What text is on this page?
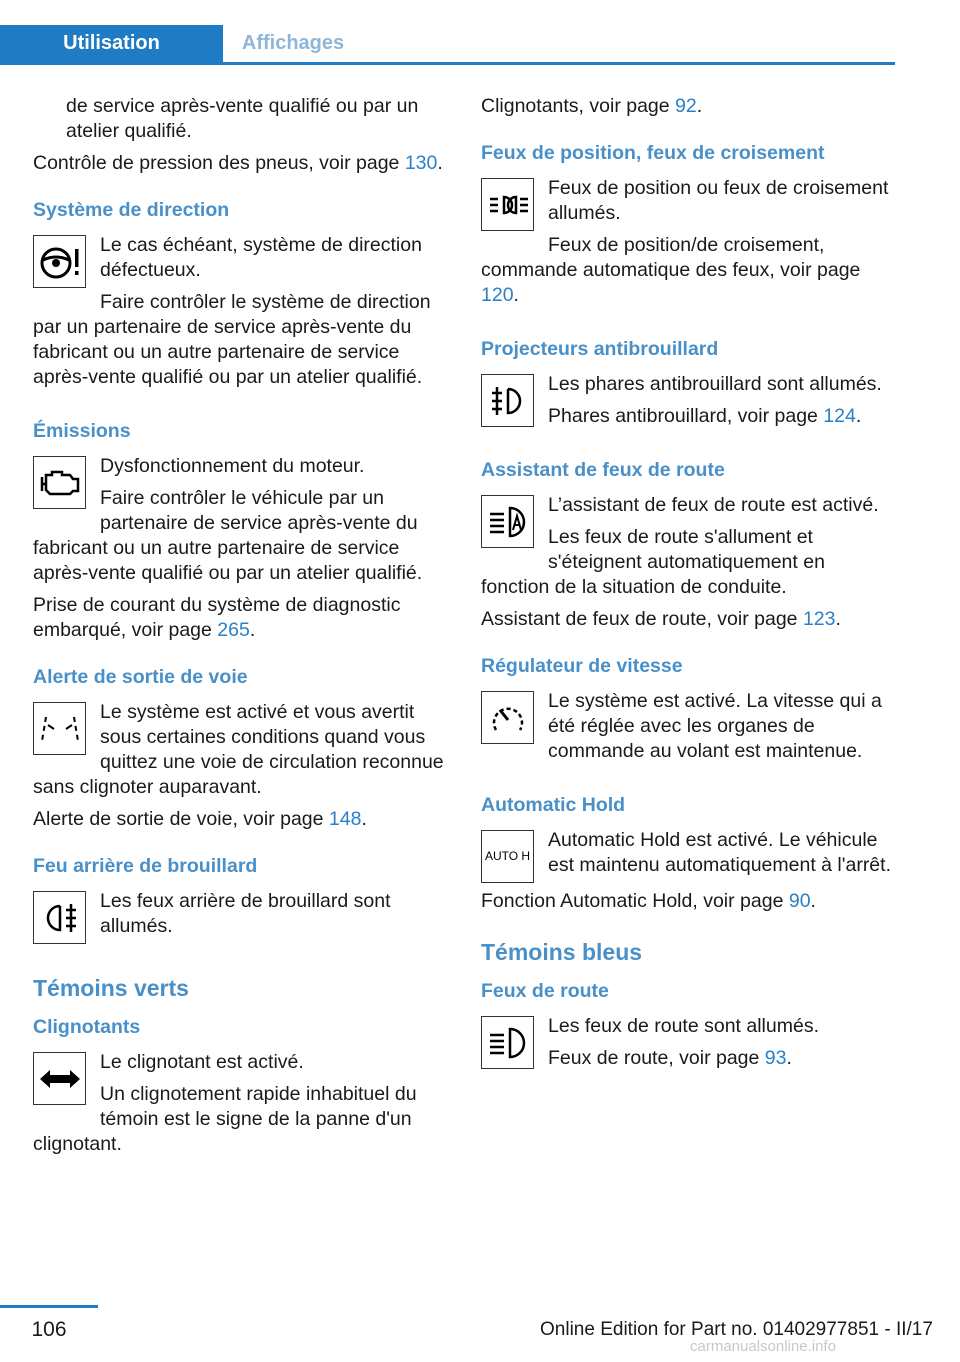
Utilisation	Affichages

de service après-vente qualifié ou par un atelier qualifié.

Contrôle de pression des pneus, voir page 130.

Système de direction

Le cas échéant, système de direction défectueux.

Faire contrôler le système de direction par un partenaire de service après-vente du fabricant ou un autre partenaire de service après-vente qualifié ou par un atelier qualifié.

Émissions

Dysfonctionnement du moteur.

Faire contrôler le véhicule par un partenaire de service après-vente du fabricant ou un autre partenaire de service après-vente qualifié ou par un atelier qualifié.

Prise de courant du système de diagnostic embarqué, voir page 265.

Alerte de sortie de voie

Le système est activé et vous avertit sous certaines conditions quand vous quittez une voie de circulation reconnue sans clignoter auparavant.

Alerte de sortie de voie, voir page 148.

Feu arrière de brouillard

Les feux arrière de brouillard sont allumés.

Témoins verts
Clignotants

Le clignotant est activé.

Un clignotement rapide inhabituel du témoin est le signe de la panne d'un clignotant.

Clignotants, voir page 92.

Feux de position, feux de croisement

Feux de position ou feux de croisement allumés.

Feux de position/de croisement, commande automatique des feux, voir page 120.

Projecteurs antibrouillard

Les phares antibrouillard sont allumés.

Phares antibrouillard, voir page 124.

Assistant de feux de route

L’assistant de feux de route est activé.

Les feux de route s'allument et s'éteignent automatiquement en fonction de la situation de conduite.

Assistant de feux de route, voir page 123.

Régulateur de vitesse

Le système est activé. La vitesse qui a été réglée avec les organes de commande au volant est maintenue.

Automatic Hold
AUTO H

Automatic Hold est activé. Le véhicule est maintenu automatiquement à l'arrêt.

Fonction Automatic Hold, voir page 90.

Témoins bleus
Feux de route

Les feux de route sont allumés.

Feux de route, voir page 93.

106	Online Edition for Part no. 01402977851 - II/17
carmanualsonline.info
